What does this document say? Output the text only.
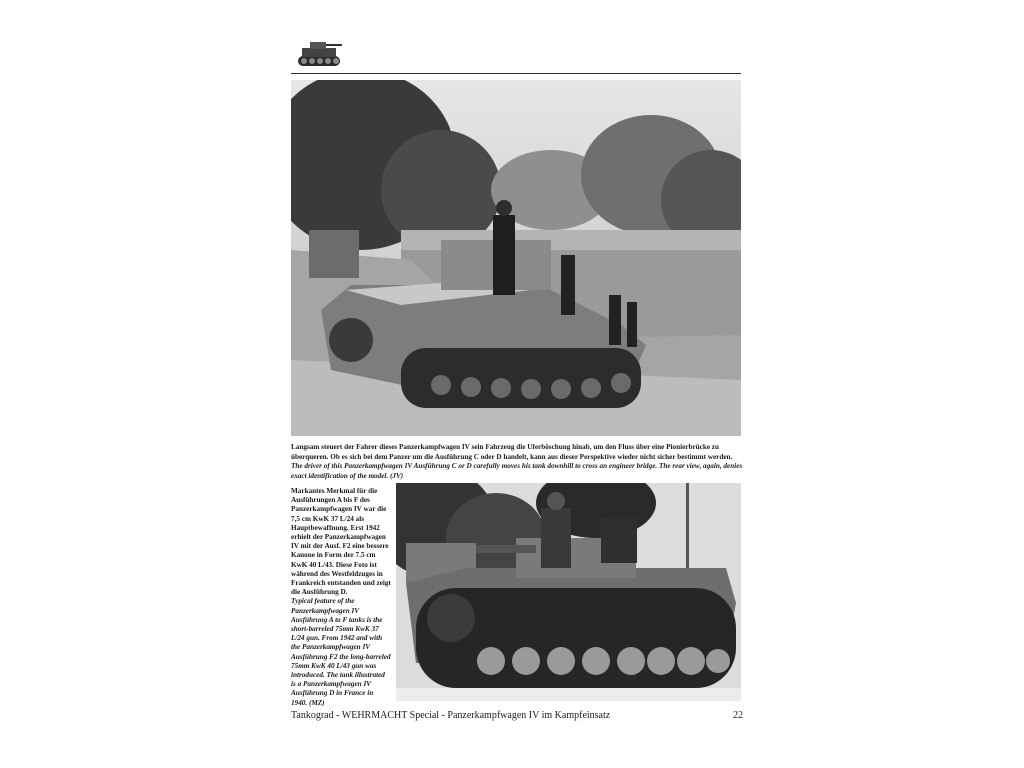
Langsam steuert der Fahrer dieses Panzerkampfwagen IV sein Fahrzeug die Uferböschung hinab, um den Fluss über eine Pionierbrücke zu überqueren. Ob es sich bei dem Panzer um die Ausführung C oder D handelt, kann aus dieser Perspektive wieder nicht sicher bestimmt werden.
The driver of this Panzerkampfwagen IV Ausführung C or D carefully moves his tank downhill to cross an engineer bridge. The rear view, again, denies exact identification of the model. (JV)
Markantes Merkmal für die Ausführungen A bis F des Panzerkampfwagen IV war die 7,5 cm KwK 37 L/24 als Hauptbewaffnung. Erst 1942 erhielt der Panzerkampfwagen IV mit der Ausf. F2 eine bessere Kanone in Form der 7.5 cm KwK 40 L/43. Diese Foto ist während des Westfeldzuges in Frankreich entstanden und zeigt die Ausführung D.
Typical feature of the Panzerkampfwagen IV Ausführung A to F tanks is the short-barreled 75mm KwK 37 L/24 gun. From 1942 and with the Panzerkampfwagen IV Ausführung F2 the long-barreled 75mm KwK 40 L/43 gun was introduced. The tank illustrated is a Panzerkampfwagen IV Ausführung D in France in 1940. (MZ)
Tankograd - WEHRMACHT Special - Panzerkampfwagen IV im Kampfeinsatz	22
